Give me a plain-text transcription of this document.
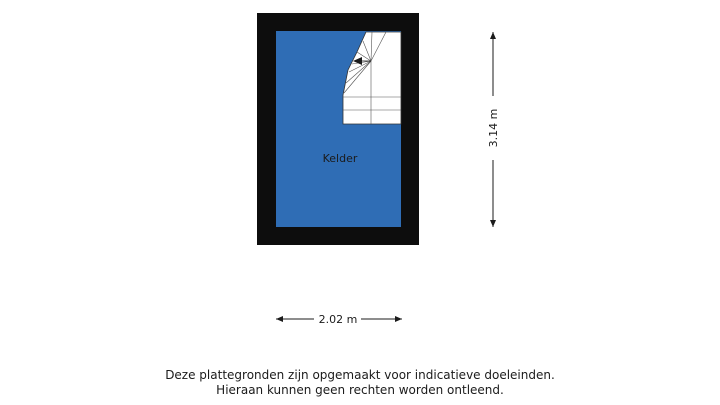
Kelder
3.14 m
2.02 m
Deze plattegronden zijn opgemaakt voor indicatieve doeleinden.
Hieraan kunnen geen rechten worden ontleend.
